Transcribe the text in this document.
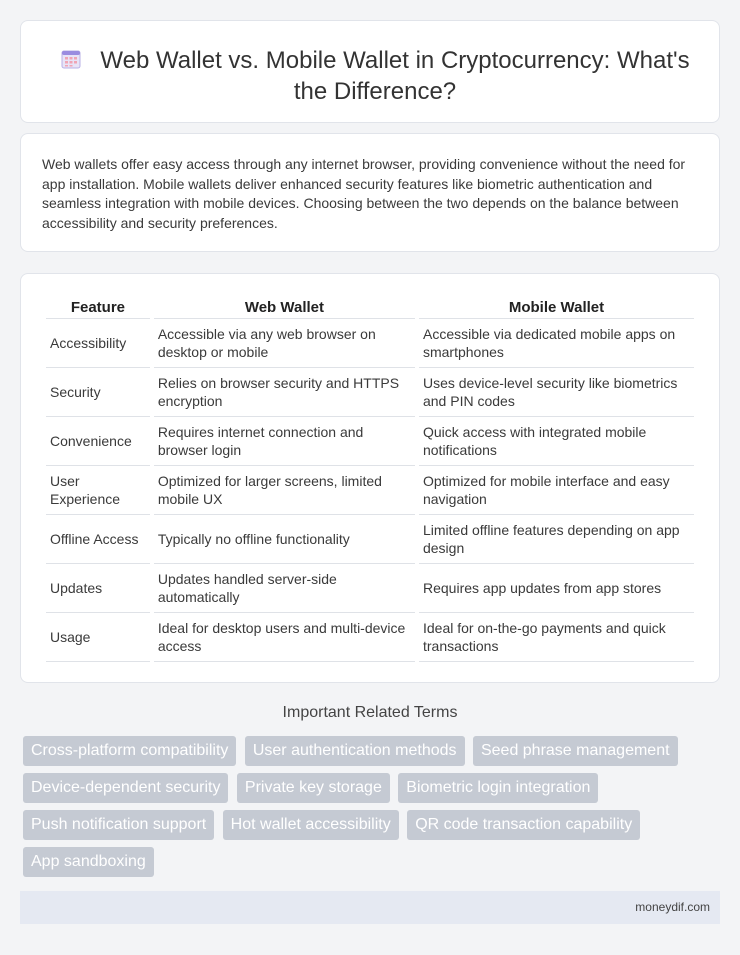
Web Wallet vs. Mobile Wallet in Cryptocurrency: What's the Difference?

Web wallets offer easy access through any internet browser, providing convenience without the need for app installation. Mobile wallets deliver enhanced security features like biometric authentication and seamless integration with mobile devices. Choosing between the two depends on the balance between accessibility and security preferences.

Feature	Web Wallet	Mobile Wallet
Accessibility	Accessible via any web browser on desktop or mobile	Accessible via dedicated mobile apps on smartphones
Security	Relies on browser security and HTTPS encryption	Uses device-level security like biometrics and PIN codes
Convenience	Requires internet connection and browser login	Quick access with integrated mobile notifications
User Experience	Optimized for larger screens, limited mobile UX	Optimized for mobile interface and easy navigation
Offline Access	Typically no offline functionality	Limited offline features depending on app design
Updates	Updates handled server-side automatically	Requires app updates from app stores
Usage	Ideal for desktop users and multi-device access	Ideal for on-the-go payments and quick transactions
Important Related Terms
Cross-platform compatibility User authentication methods Seed phrase management Device-dependent security Private key storage Biometric login integration Push notification support Hot wallet accessibility QR code transaction capability App sandboxing
moneydif.com
